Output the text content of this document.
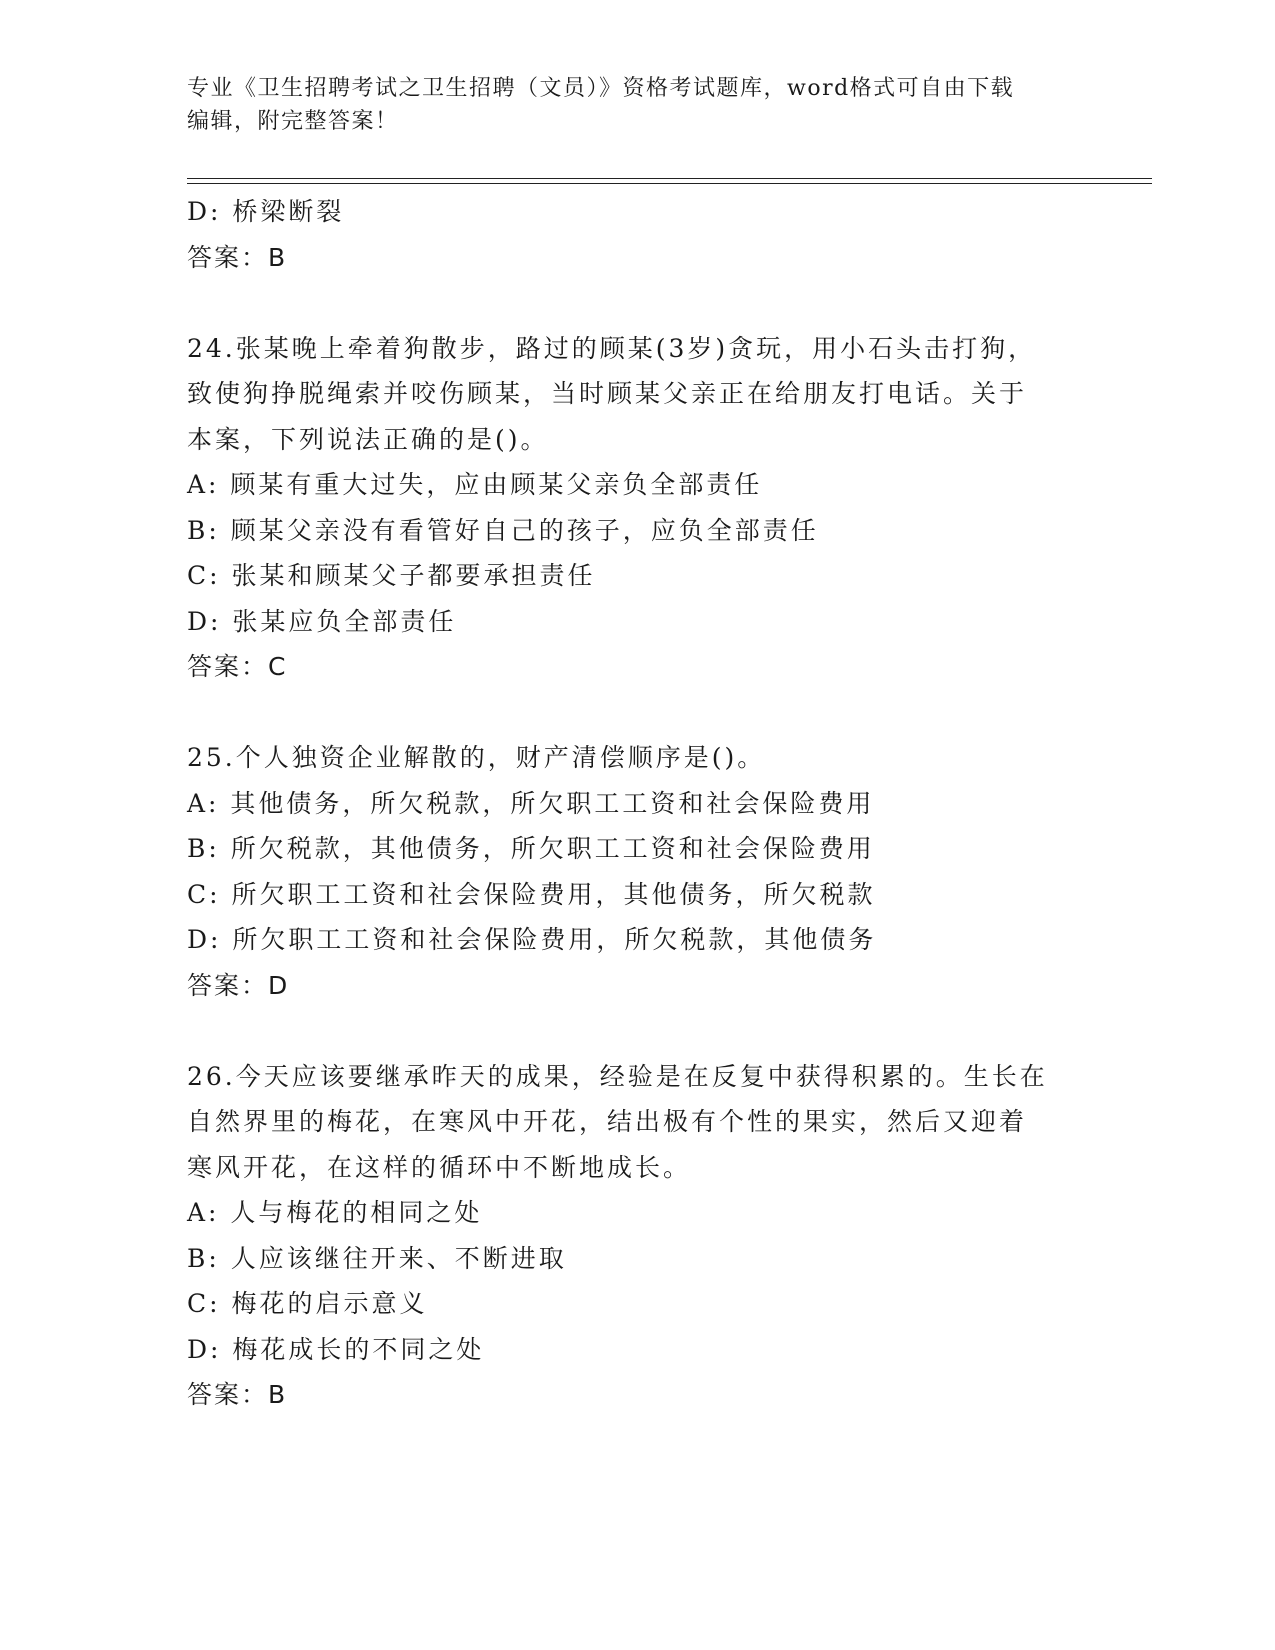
专业《卫生招聘考试之卫生招聘（文员）》资格考试题库，word格式可自由下载
编辑，附完整答案！
D: 桥梁断裂
答案：B
24.张某晚上牵着狗散步，路过的顾某(3岁)贪玩，用小石头击打狗，
致使狗挣脱绳索并咬伤顾某，当时顾某父亲正在给朋友打电话。关于
本案，下列说法正确的是()。
A: 顾某有重大过失，应由顾某父亲负全部责任
B: 顾某父亲没有看管好自己的孩子，应负全部责任
C: 张某和顾某父子都要承担责任
D: 张某应负全部责任
答案：C
25.个人独资企业解散的，财产清偿顺序是()。
A: 其他债务，所欠税款，所欠职工工资和社会保险费用
B: 所欠税款，其他债务，所欠职工工资和社会保险费用
C: 所欠职工工资和社会保险费用，其他债务，所欠税款
D: 所欠职工工资和社会保险费用，所欠税款，其他债务
答案：D
26.今天应该要继承昨天的成果，经验是在反复中获得积累的。生长在
自然界里的梅花，在寒风中开花，结出极有个性的果实，然后又迎着
寒风开花，在这样的循环中不断地成长。
A: 人与梅花的相同之处
B: 人应该继往开来、不断进取
C: 梅花的启示意义
D: 梅花成长的不同之处
答案：B
